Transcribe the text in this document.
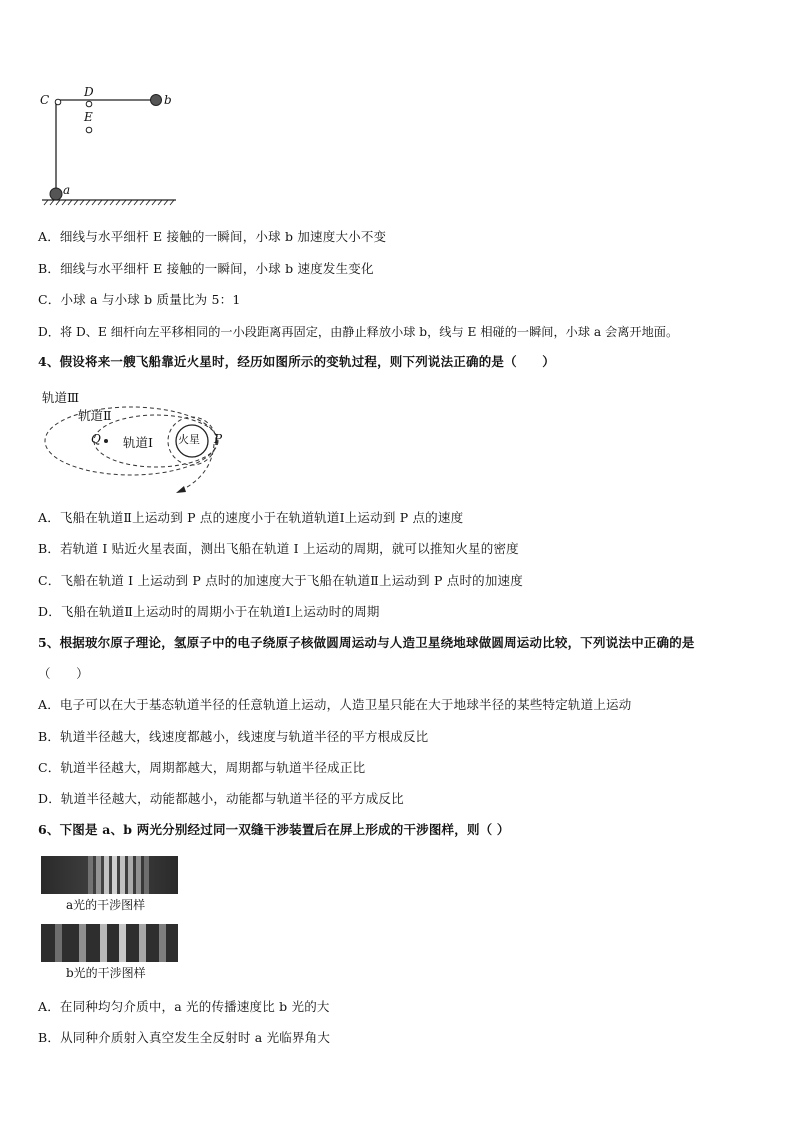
C
D
E
b
a
A．细线与水平细杆 E 接触的一瞬间，小球 b 加速度大小不变
B．细线与水平细杆 E 接触的一瞬间，小球 b 速度发生变化
C．小球 a 与小球 b 质量比为 5：1
D．将 D、E 细杆向左平移相同的一小段距离再固定，由静止释放小球 b，线与 E 相碰的一瞬间，小球 a 会离开地面。
4、假设将来一艘飞船靠近火星时，经历如图所示的变轨过程，则下列说法正确的是（　　）
轨道Ⅲ
轨道Ⅱ
轨道Ⅰ
Q	P
火星
A．飞船在轨道Ⅱ上运动到 P 点的速度小于在轨道轨道Ⅰ上运动到 P 点的速度
B．若轨道 I 贴近火星表面，测出飞船在轨道 I 上运动的周期，就可以推知火星的密度
C．飞船在轨道 I 上运动到 P 点时的加速度大于飞船在轨道Ⅱ上运动到 P 点时的加速度
D．飞船在轨道Ⅱ上运动时的周期小于在轨道Ⅰ上运动时的周期
5、根据玻尔原子理论，氢原子中的电子绕原子核做圆周运动与人造卫星绕地球做圆周运动比较，下列说法中正确的是
（　　）
A．电子可以在大于基态轨道半径的任意轨道上运动，人造卫星只能在大于地球半径的某些特定轨道上运动
B．轨道半径越大，线速度都越小，线速度与轨道半径的平方根成反比
C．轨道半径越大，周期都越大，周期都与轨道半径成正比
D．轨道半径越大，动能都越小，动能都与轨道半径的平方成反比
6、下图是 a、b 两光分别经过同一双缝干涉装置后在屏上形成的干涉图样，则（ ）
a光的干涉图样
b光的干涉图样
A．在同种均匀介质中，a 光的传播速度比 b 光的大
B．从同种介质射入真空发生全反射时 a 光临界角大
